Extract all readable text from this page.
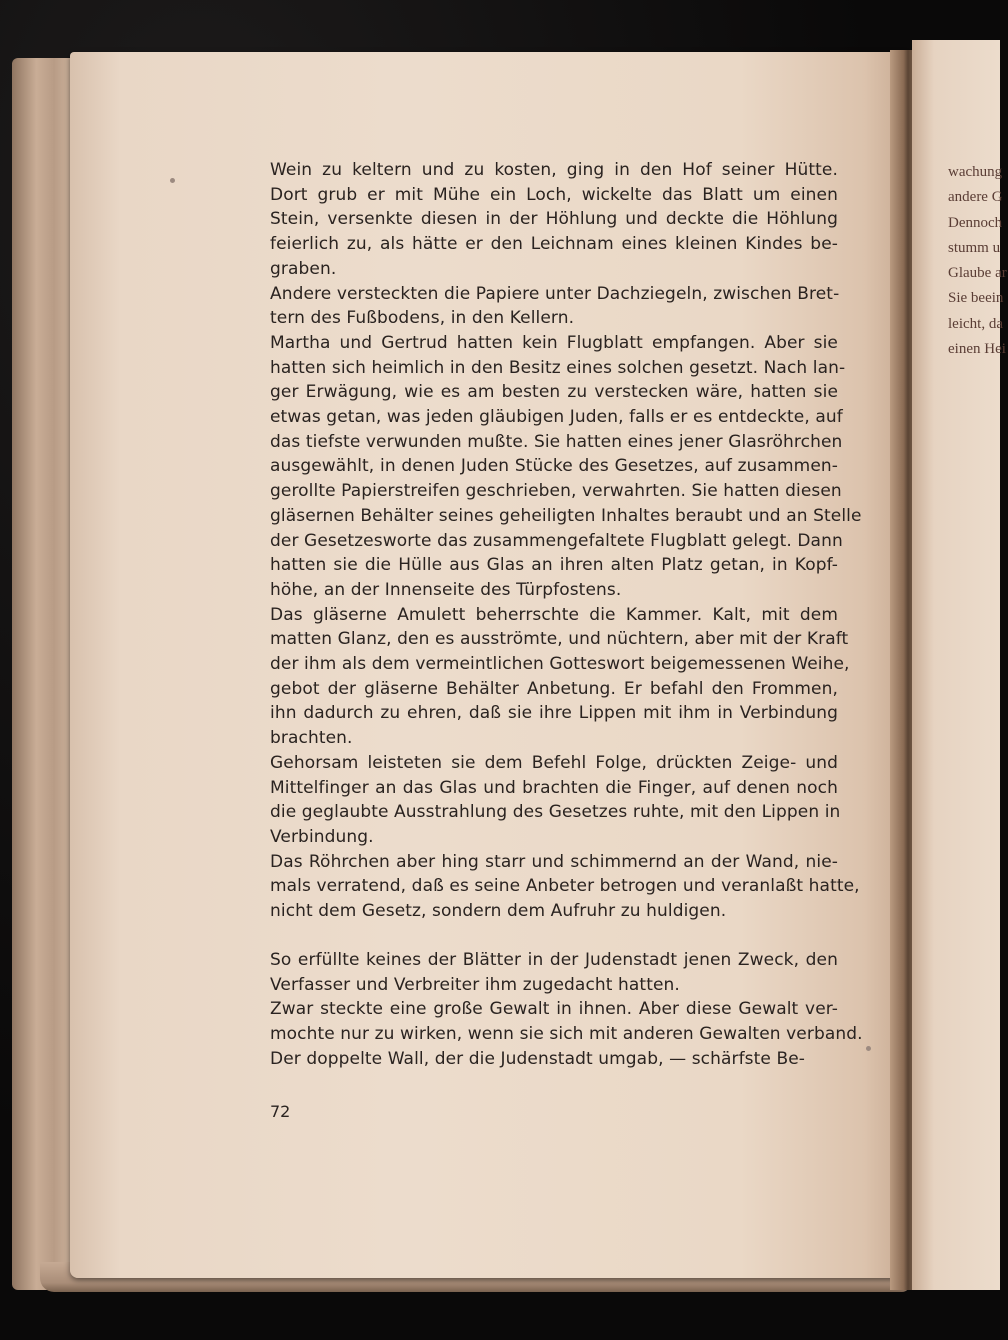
Wein zu keltern und zu kosten, ging in den Hof seiner Hütte.
Dort grub er mit Mühe ein Loch, wickelte das Blatt um einen
Stein, versenkte diesen in der Höhlung und deckte die Höhlung
feierlich zu, als hätte er den Leichnam eines kleinen Kindes be-
graben.

Andere versteckten die Papiere unter Dachziegeln, zwischen Bret-
tern des Fußbodens, in den Kellern.

Martha und Gertrud hatten kein Flugblatt empfangen. Aber sie
hatten sich heimlich in den Besitz eines solchen gesetzt. Nach lan-
ger Erwägung, wie es am besten zu verstecken wäre, hatten sie
etwas getan, was jeden gläubigen Juden, falls er es entdeckte, auf
das tiefste verwunden mußte. Sie hatten eines jener Glasröhrchen
ausgewählt, in denen Juden Stücke des Gesetzes, auf zusammen-
gerollte Papierstreifen geschrieben, verwahrten. Sie hatten diesen
gläsernen Behälter seines geheiligten Inhaltes beraubt und an Stelle
der Gesetzesworte das zusammengefaltete Flugblatt gelegt. Dann
hatten sie die Hülle aus Glas an ihren alten Platz getan, in Kopf-
höhe, an der Innenseite des Türpfostens.

Das gläserne Amulett beherrschte die Kammer. Kalt, mit dem
matten Glanz, den es ausströmte, und nüchtern, aber mit der Kraft
der ihm als dem vermeintlichen Gotteswort beigemessenen Weihe,
gebot der gläserne Behälter Anbetung. Er befahl den Frommen,
ihn dadurch zu ehren, daß sie ihre Lippen mit ihm in Verbindung
brachten.

Gehorsam leisteten sie dem Befehl Folge, drückten Zeige- und
Mittelfinger an das Glas und brachten die Finger, auf denen noch
die geglaubte Ausstrahlung des Gesetzes ruhte, mit den Lippen in
Verbindung.

Das Röhrchen aber hing starr und schimmernd an der Wand, nie-
mals verratend, daß es seine Anbeter betrogen und veranlaßt hatte,
nicht dem Gesetz, sondern dem Aufruhr zu huldigen.

So erfüllte keines der Blätter in der Judenstadt jenen Zweck, den
Verfasser und Verbreiter ihm zugedacht hatten.

Zwar steckte eine große Gewalt in ihnen. Aber diese Gewalt ver-
mochte nur zu wirken, wenn sie sich mit anderen Gewalten verband.
Der doppelte Wall, der die Judenstadt umgab, — schärfste Be-

72
wachung
andere G
Dennoch
stumm u
Glaube ar
Sie beein
leicht, da
einen Hei
